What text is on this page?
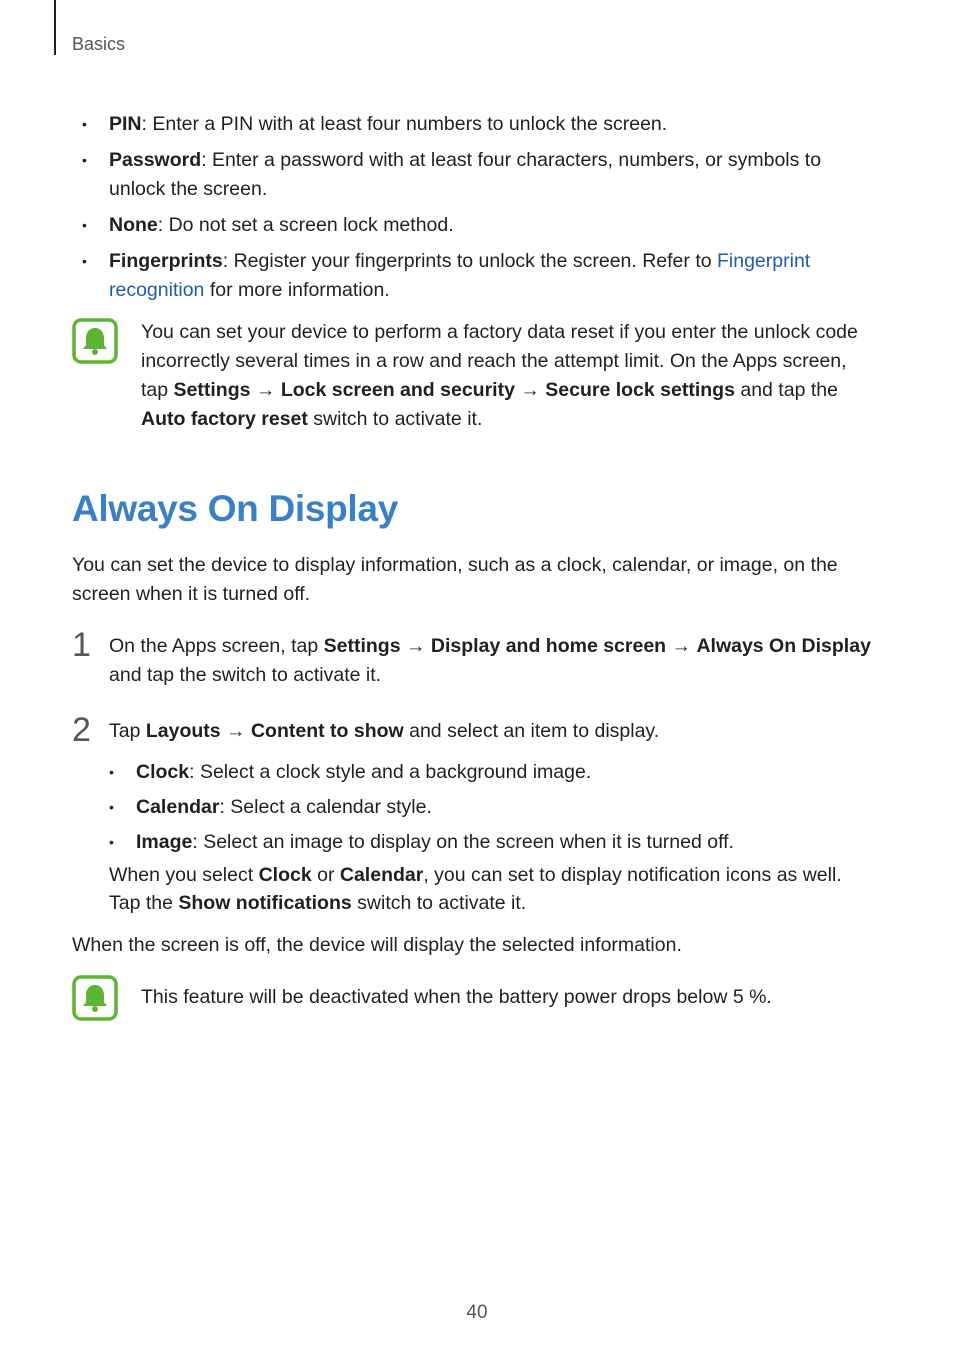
Basics
• PIN: Enter a PIN with at least four numbers to unlock the screen.
• Password: Enter a password with at least four characters, numbers, or symbols to unlock the screen.
• None: Do not set a screen lock method.
• Fingerprints: Register your fingerprints to unlock the screen. Refer to Fingerprint recognition for more information.
You can set your device to perform a factory data reset if you enter the unlock code incorrectly several times in a row and reach the attempt limit. On the Apps screen, tap Settings → Lock screen and security → Secure lock settings and tap the Auto factory reset switch to activate it.
Always On Display
You can set the device to display information, such as a clock, calendar, or image, on the screen when it is turned off.
1 On the Apps screen, tap Settings → Display and home screen → Always On Display and tap the switch to activate it.
2 Tap Layouts → Content to show and select an item to display.
• Clock: Select a clock style and a background image.
• Calendar: Select a calendar style.
• Image: Select an image to display on the screen when it is turned off.
When you select Clock or Calendar, you can set to display notification icons as well. Tap the Show notifications switch to activate it.
When the screen is off, the device will display the selected information.
This feature will be deactivated when the battery power drops below 5 %.
40
